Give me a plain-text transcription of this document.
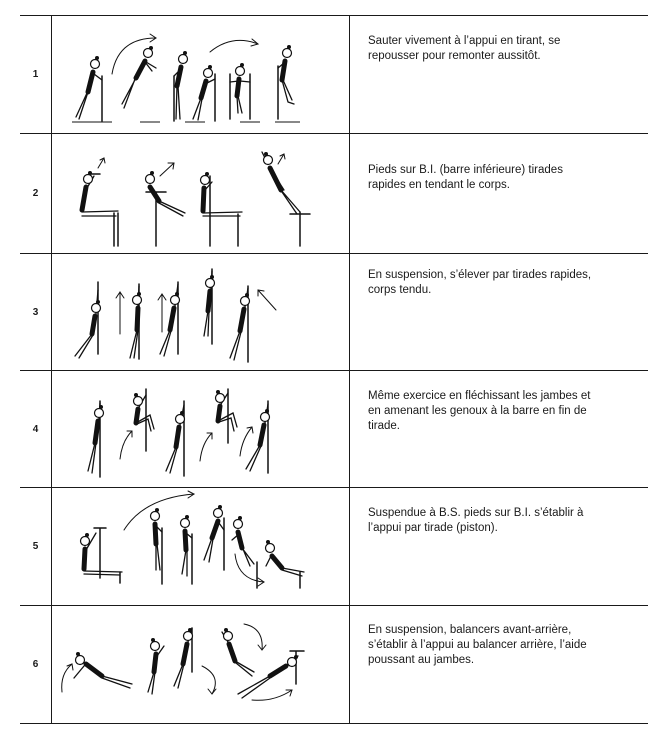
1
Sauter vivement à l’appui en tirant, se
repousser pour remonter aussitôt.
2
Pieds sur B.I. (barre inférieure) tirades
rapides en tendant le corps.
3
En suspension, s’élever par tirades rapides,
corps tendu.
4
Même exercice en fléchissant les jambes et
en amenant les genoux à la barre en fin de
tirade.
5
Suspendue à B.S. pieds sur B.I. s’établir à
l’appui par tirade (piston).
6
En suspension, balancers avant-arrière,
s’établir à l’appui au balancer arrière, l’aide
poussant au jambes.
